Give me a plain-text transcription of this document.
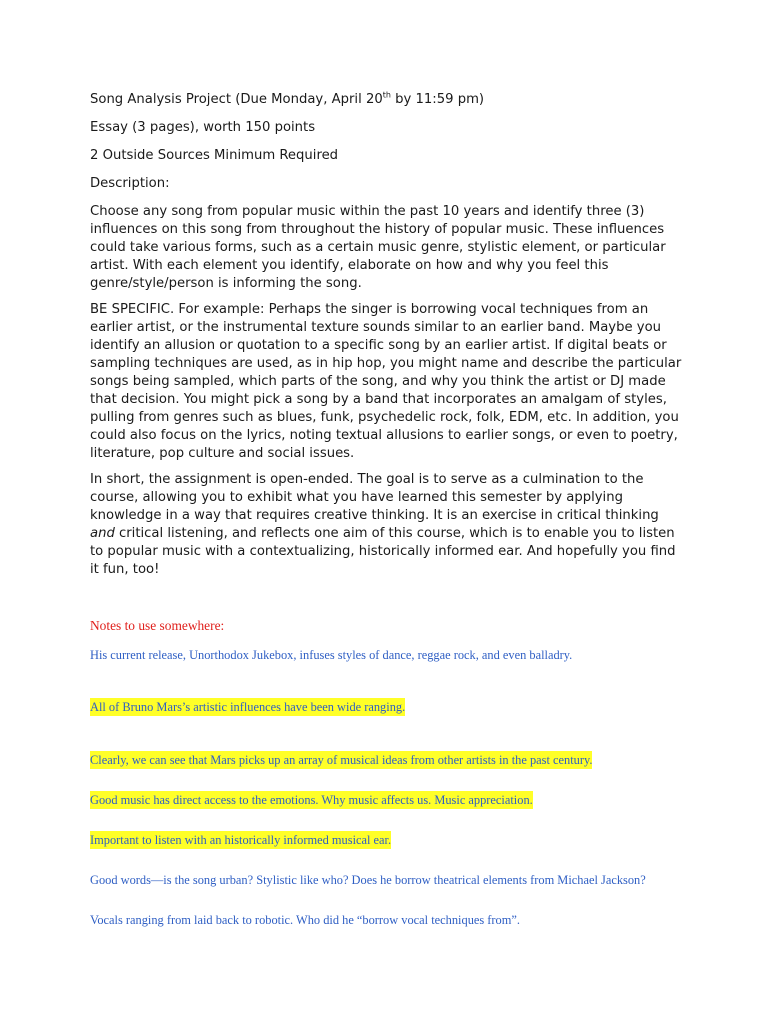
Song Analysis Project (Due Monday, April 20th by 11:59 pm)

Essay (3 pages), worth 150 points

2 Outside Sources Minimum Required

Description:

Choose any song from popular music within the past 10 years and identify three (3) influences on this song from throughout the history of popular music. These influences could take various forms, such as a certain music genre, stylistic element, or particular artist. With each element you identify, elaborate on how and why you feel this genre/style/person is informing the song.

BE SPECIFIC. For example: Perhaps the singer is borrowing vocal techniques from an earlier artist, or the instrumental texture sounds similar to an earlier band. Maybe you identify an allusion or quotation to a specific song by an earlier artist. If digital beats or sampling techniques are used, as in hip hop, you might name and describe the particular songs being sampled, which parts of the song, and why you think the artist or DJ made that decision. You might pick a song by a band that incorporates an amalgam of styles, pulling from genres such as blues, funk, psychedelic rock, folk, EDM, etc. In addition, you could also focus on the lyrics, noting textual allusions to earlier songs, or even to poetry, literature, pop culture and social issues.

In short, the assignment is open-ended. The goal is to serve as a culmination to the course, allowing you to exhibit what you have learned this semester by applying knowledge in a way that requires creative thinking. It is an exercise in critical thinking and critical listening, and reflects one aim of this course, which is to enable you to listen to popular music with a contextualizing, historically informed ear. And hopefully you find it fun, too!

Notes to use somewhere:
His current release, Unorthodox Jukebox, infuses styles of dance, reggae rock, and even balladry.
All of Bruno Mars’s artistic influences have been wide ranging.
Clearly, we can see that Mars picks up an array of musical ideas from other artists in the past century.
Good music has direct access to the emotions. Why music affects us. Music appreciation.
Important to listen with an historically informed musical ear.
Good words—is the song urban? Stylistic like who? Does he borrow theatrical elements from Michael Jackson?
Vocals ranging from laid back to robotic. Who did he “borrow vocal techniques from”.
